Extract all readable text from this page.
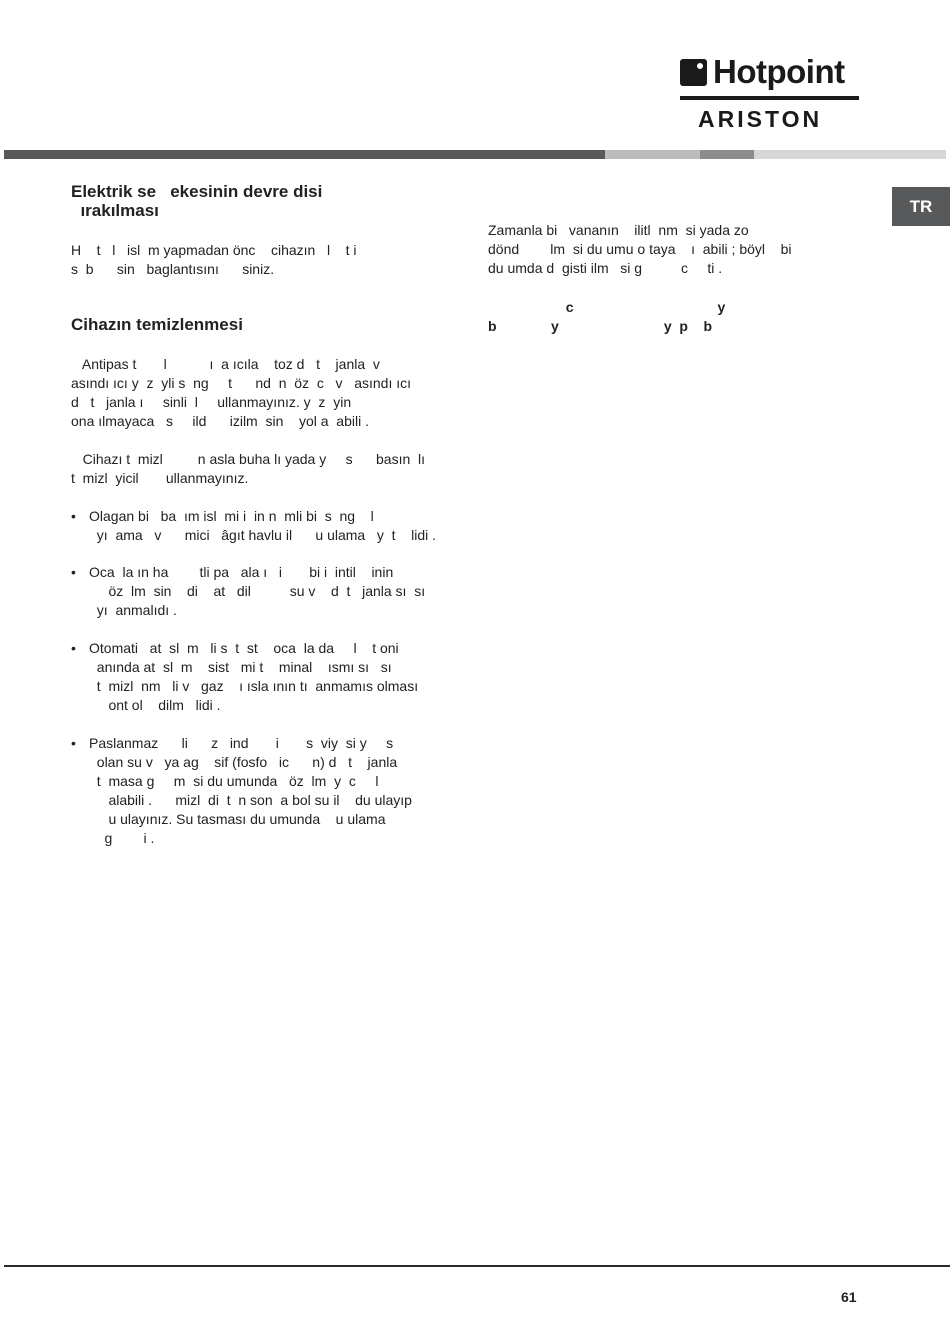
Hotpoint
ARISTON
TR
Elektrik se   ekesinin devre disi
ırakılması

H    t   l   isl  m yapmadan önc    cihazın   l    t i
s  b      sin   baglantısını      siniz.

Cihazın temizlenmesi

Antipas t       l           ı  a ıcıla    toz d   t    janla  v
asındı ıcı y  z  yli s  ng     t      nd  n  öz  c   v   asındı ıcı
d   t   janla ı     sinli  l     ullanmayınız. y  z  yin
ona ılmayaca   s     ild      izilm  sin    yol a  abili .

Cihazı t  mizl         n asla buha lı yada y     s      basın  lı
t  mizl  yicil       ullanmayınız.

• Olagan bi   ba  ım isl  mi i  in n  mli bi  s  ng    l
yı  ama   v      mici   âgıt havlu il      u ulama   y  t    lidi .

• Oca  la ın ha        tli pa   ala ı   i       bi i  intil    inin
öz  lm  sin    di    at   dil          su v    d  t   janla sı  sı
yı  anmalıdı .

• Otomati   at  sl  m   li s  t  st    oca  la da     l    t oni
anında at  sl  m    sist   mi t    minal    ısmı sı   sı
t  mizl  nm   li v   gaz    ı ısla ının tı  anmamıs olması
ont ol    dilm   lidi .

• Paslanmaz      li      z   ind       i       s  viy  si y     s
olan su v   ya ag    sif (fosfo   ic      n) d   t    janla
t  masa g     m  si du umunda   öz  lm  y  c     l
alabili .      mizl  di  t  n son  a bol su il    du ulayıp
u ulayınız. Su tasması du umunda    u ulama
g        i .

Zamanla bi   vananın    ilitl  nm  si yada zo
dönd        lm  si du umu o taya    ı  abili ; böyl    bi
du umda d  gisti ilm   si g          c     ti .

c                                     y

b              y                           y  p    b

61
